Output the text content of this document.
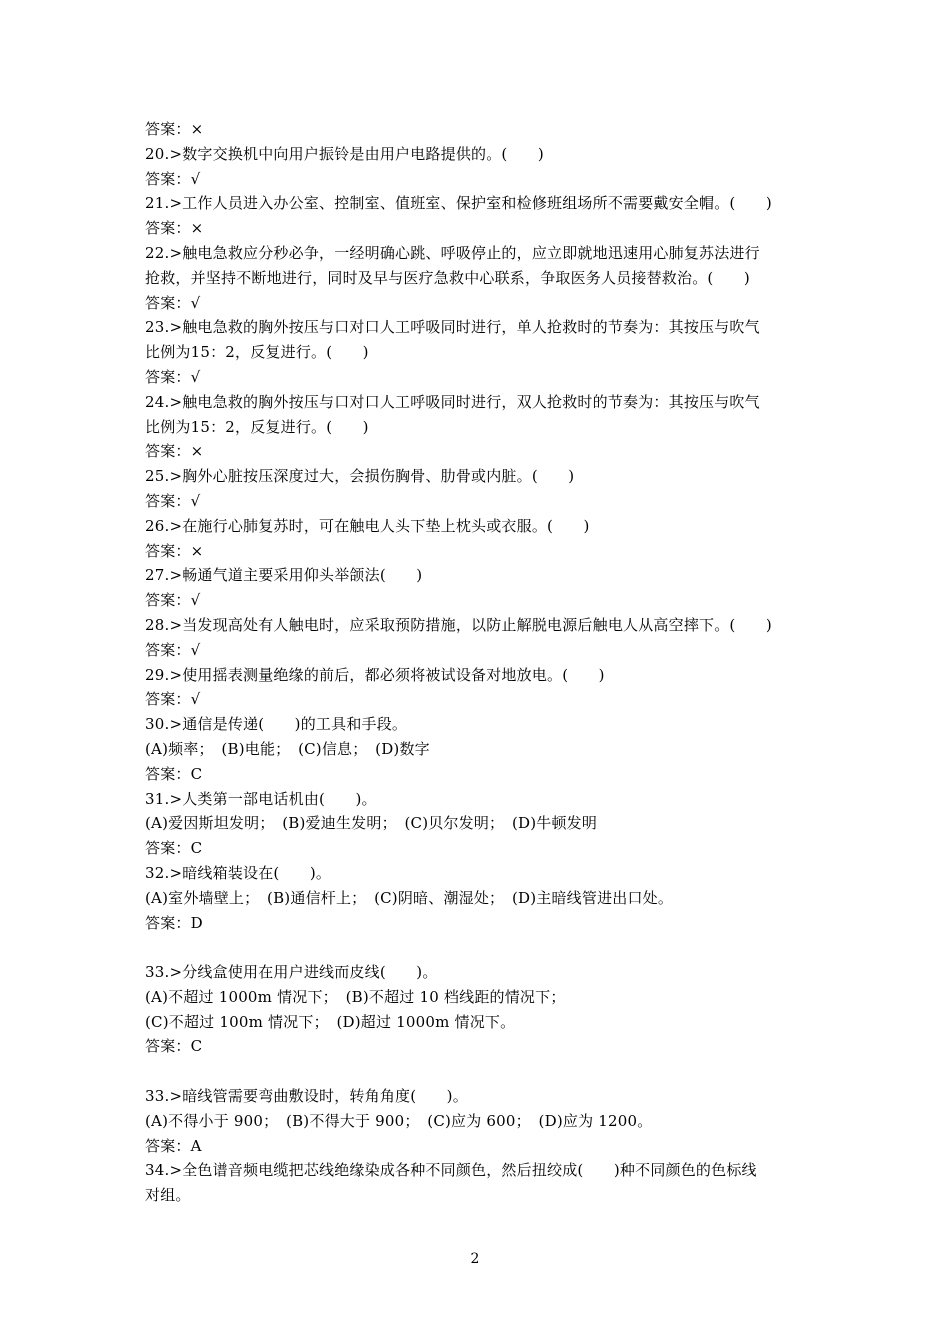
答案：×
20.>数字交换机中向用户振铃是由用户电路提供的。(　　)
答案：√
21.>工作人员进入办公室、控制室、值班室、保护室和检修班组场所不需要戴安全帽。(　　)
答案：×
22.>触电急救应分秒必争，一经明确心跳、呼吸停止的，应立即就地迅速用心肺复苏法进行
抢救，并坚持不断地进行，同时及早与医疗急救中心联系，争取医务人员接替救治。(　　)
答案：√
23.>触电急救的胸外按压与口对口人工呼吸同时进行，单人抢救时的节奏为：其按压与吹气
比例为15：2，反复进行。(　　)
答案：√
24.>触电急救的胸外按压与口对口人工呼吸同时进行，双人抢救时的节奏为：其按压与吹气
比例为15：2，反复进行。(　　)
答案：×
25.>胸外心脏按压深度过大，会损伤胸骨、肋骨或内脏。(　　)
答案：√
26.>在施行心肺复苏时，可在触电人头下垫上枕头或衣服。(　　)
答案：×
27.>畅通气道主要采用仰头举颌法(　　)
答案：√
28.>当发现高处有人触电时，应采取预防措施，以防止解脱电源后触电人从高空摔下。(　　)
答案：√
29.>使用摇表测量绝缘的前后，都必须将被试设备对地放电。(　　)
答案：√
30.>通信是传递(　　)的工具和手段。
(A)频率；　(B)电能；　(C)信息；　(D)数字
答案：C
31.>人类第一部电话机由(　　)。
(A)爱因斯坦发明；　(B)爱迪生发明；　(C)贝尔发明；　(D)牛顿发明
答案：C
32.>暗线箱装设在(　　)。
(A)室外墙壁上；　(B)通信杆上；　(C)阴暗、潮湿处；　(D)主暗线管进出口处。
答案：D
33.>分线盒使用在用户进线而皮线(　　)。
(A)不超过 1000m 情况下；　(B)不超过 10 档线距的情况下；
(C)不超过 100m 情况下；　(D)超过 1000m 情况下。
答案：C
33.>暗线管需要弯曲敷设时，转角角度(　　)。
(A)不得小于 900；　(B)不得大于 900；　(C)应为 600；　(D)应为 1200。
答案：A
34.>全色谱音频电缆把芯线绝缘染成各种不同颜色，然后扭绞成(　　)种不同颜色的色标线
对组。
2
